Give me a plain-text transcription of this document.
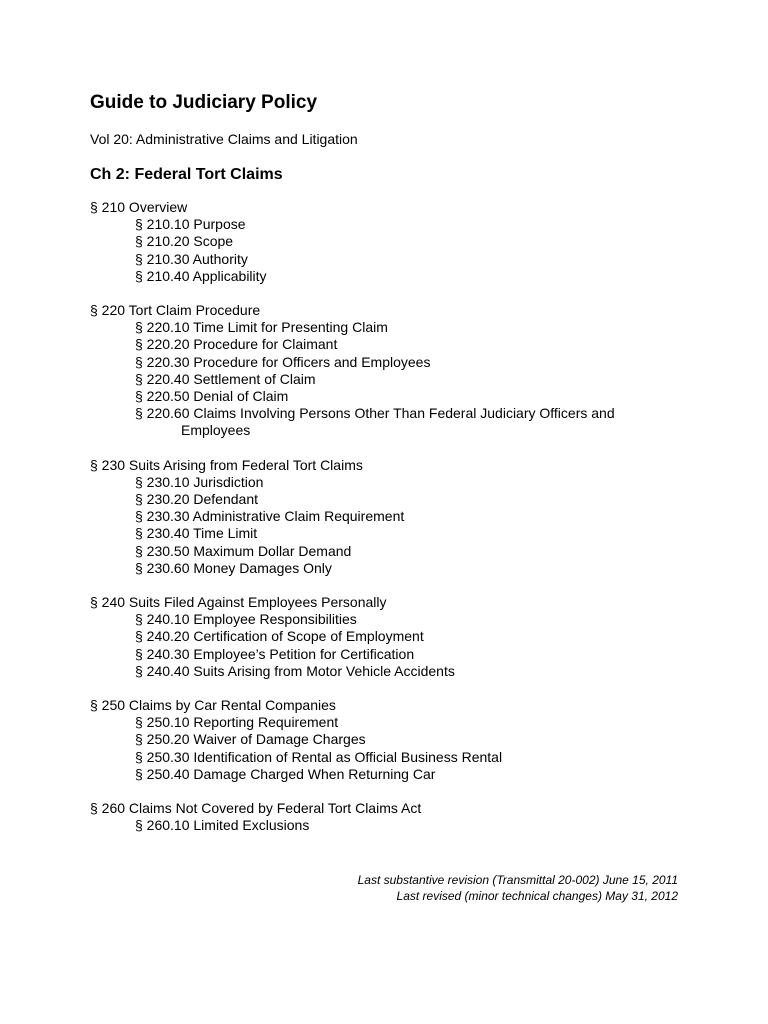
Guide to Judiciary Policy
Vol 20: Administrative Claims and Litigation
Ch 2: Federal Tort Claims
§ 210 Overview
§ 210.10 Purpose
§ 210.20 Scope
§ 210.30 Authority
§ 210.40 Applicability
§ 220 Tort Claim Procedure
§ 220.10 Time Limit for Presenting Claim
§ 220.20 Procedure for Claimant
§ 220.30 Procedure for Officers and Employees
§ 220.40 Settlement of Claim
§ 220.50 Denial of Claim
§ 220.60 Claims Involving Persons Other Than Federal Judiciary Officers and
Employees
§ 230 Suits Arising from Federal Tort Claims
§ 230.10 Jurisdiction
§ 230.20 Defendant
§ 230.30 Administrative Claim Requirement
§ 230.40 Time Limit
§ 230.50 Maximum Dollar Demand
§ 230.60 Money Damages Only
§ 240 Suits Filed Against Employees Personally
§ 240.10 Employee Responsibilities
§ 240.20 Certification of Scope of Employment
§ 240.30 Employee’s Petition for Certification
§ 240.40 Suits Arising from Motor Vehicle Accidents
§ 250 Claims by Car Rental Companies
§ 250.10 Reporting Requirement
§ 250.20 Waiver of Damage Charges
§ 250.30 Identification of Rental as Official Business Rental
§ 250.40 Damage Charged When Returning Car
§ 260 Claims Not Covered by Federal Tort Claims Act
§ 260.10 Limited Exclusions
Last substantive revision (Transmittal 20-002) June 15, 2011
Last revised (minor technical changes) May 31, 2012
